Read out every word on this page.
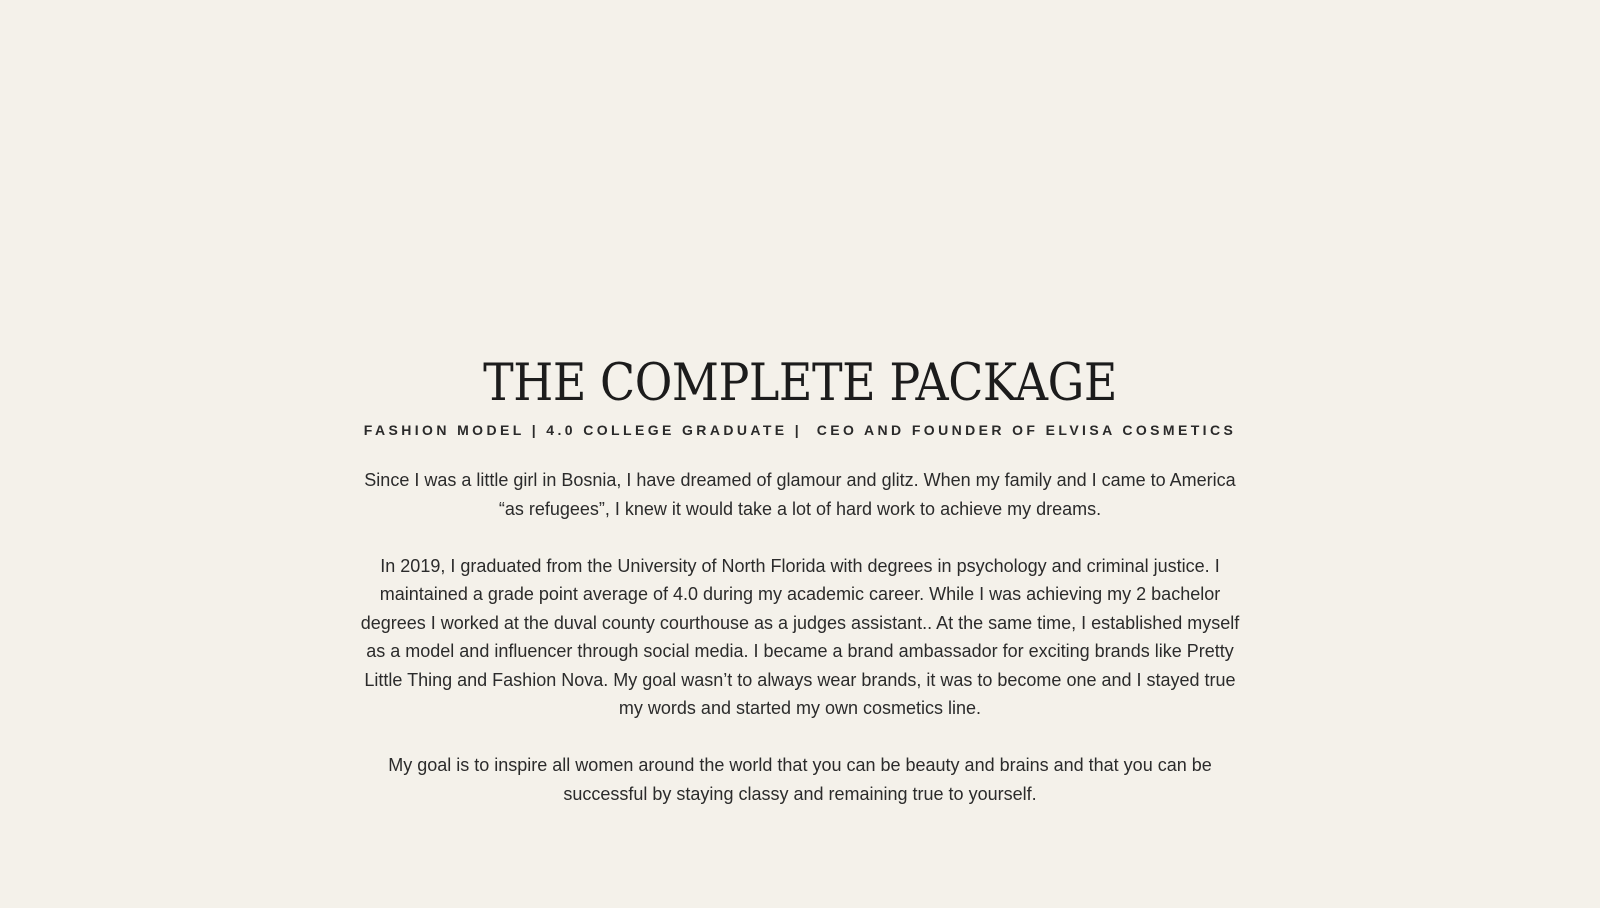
THE COMPLETE PACKAGE
FASHION MODEL | 4.0 COLLEGE GRADUATE |  CEO AND FOUNDER OF ELVISA COSMETICS

Since I was a little girl in Bosnia, I have dreamed of glamour and glitz. When my family and I came to America “as refugees”, I knew it would take a lot of hard work to achieve my dreams.

In 2019, I graduated from the University of North Florida with degrees in psychology and criminal justice. I maintained a grade point average of 4.0 during my academic career. While I was achieving my 2 bachelor degrees I worked at the duval county courthouse as a judges assistant.. At the same time, I established myself as a model and influencer through social media. I became a brand ambassador for exciting brands like Pretty Little Thing and Fashion Nova. My goal wasn’t to always wear brands, it was to become one and I stayed true my words and started my own cosmetics line.

My goal is to inspire all women around the world that you can be beauty and brains and that you can be successful by staying classy and remaining true to yourself.
